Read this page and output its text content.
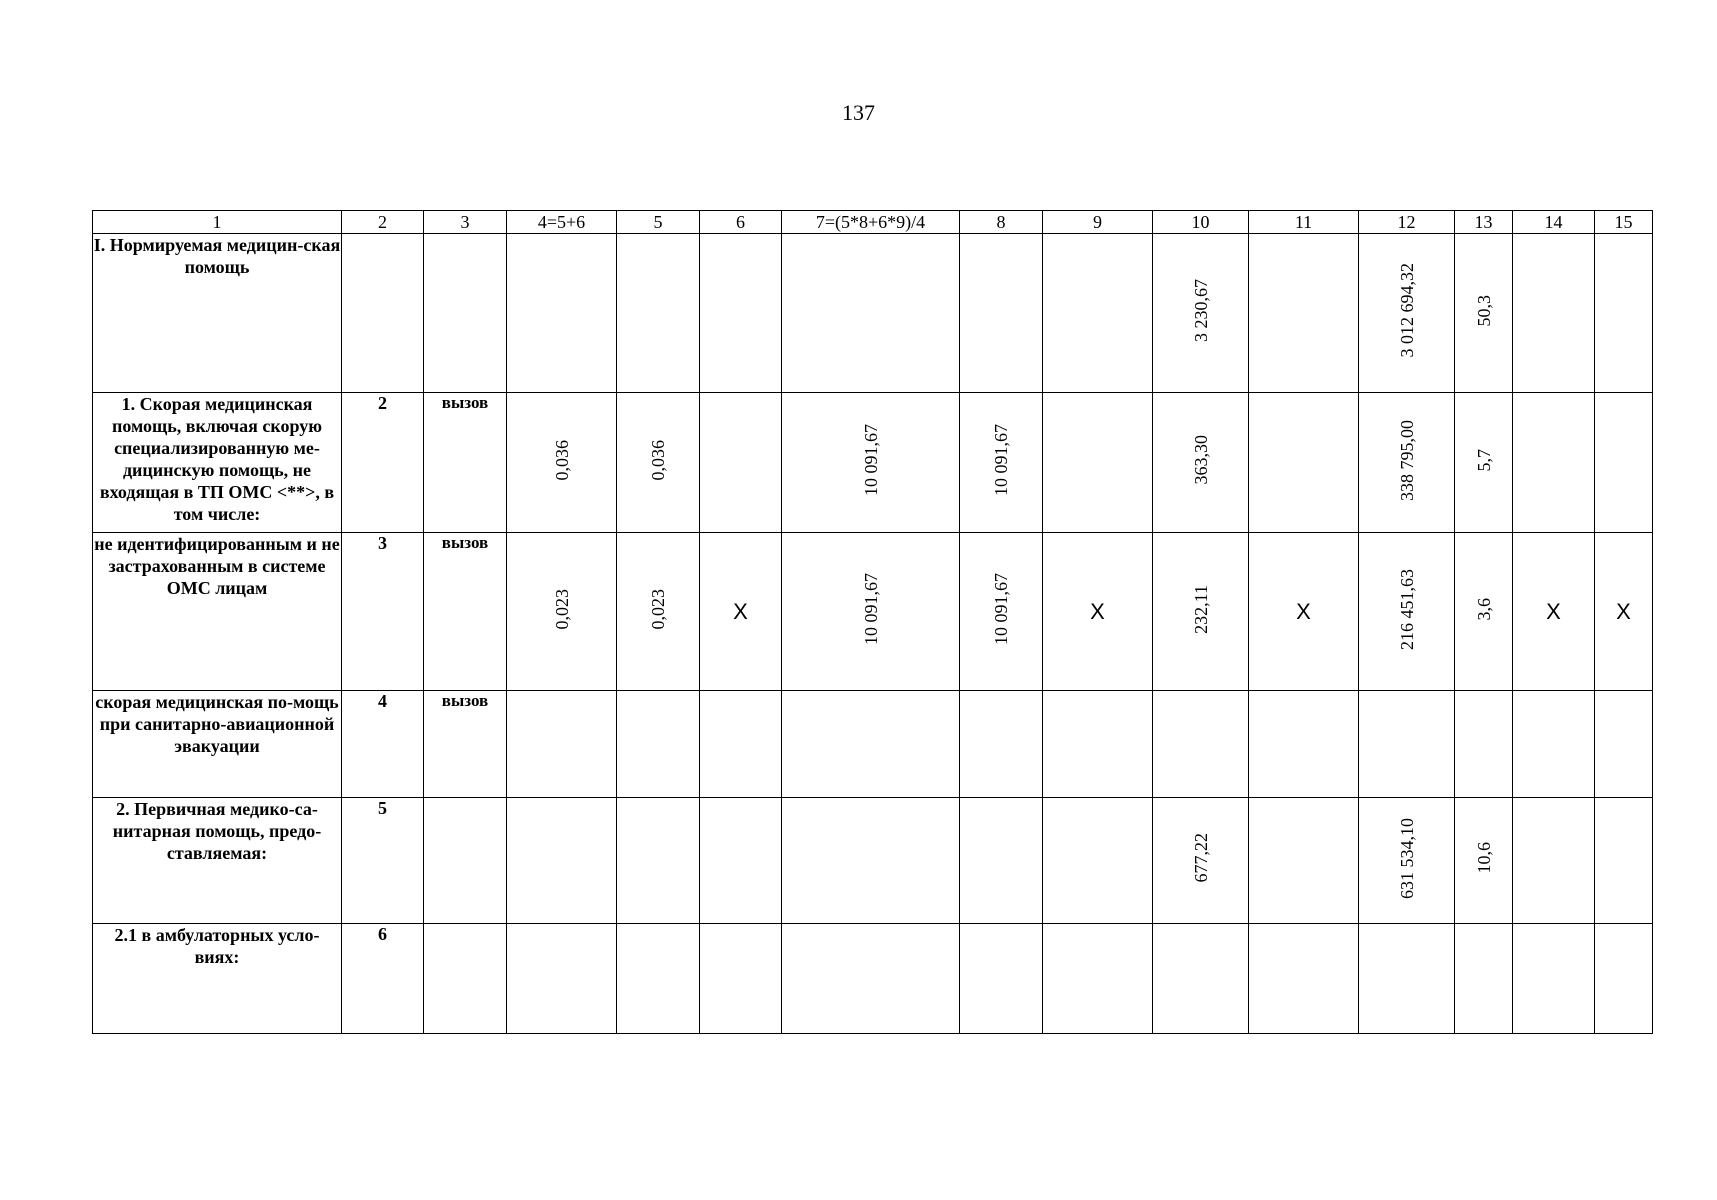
137
1	2	3	4=5+6	5	6	7=(5*8+6*9)/4	8	9	10	11	12	13	14	15
I. Нормируемая медицин-ская помощь									3 230,67		3 012 694,32	50,3		
1. Скорая медицинская помощь, включая скорую специализированную ме-дицинскую помощь, не входящая в ТП ОМС <**>, в том числе:	2	вызов	0,036	0,036		10 091,67	10 091,67		363,30		338 795,00	5,7		
не идентифицированным и не застрахованным в системе ОМС лицам	3	вызов	0,023	0,023	X	10 091,67	10 091,67	X	232,11	X	216 451,63	3,6	X	X
скорая медицинская по-мощь при санитарно-авиационной эвакуации	4	вызов												
2. Первичная медико-са-нитарная помощь, предо-ставляемая:	5								677,22		631 534,10	10,6		
2.1 в амбулаторных усло-виях:	6													
